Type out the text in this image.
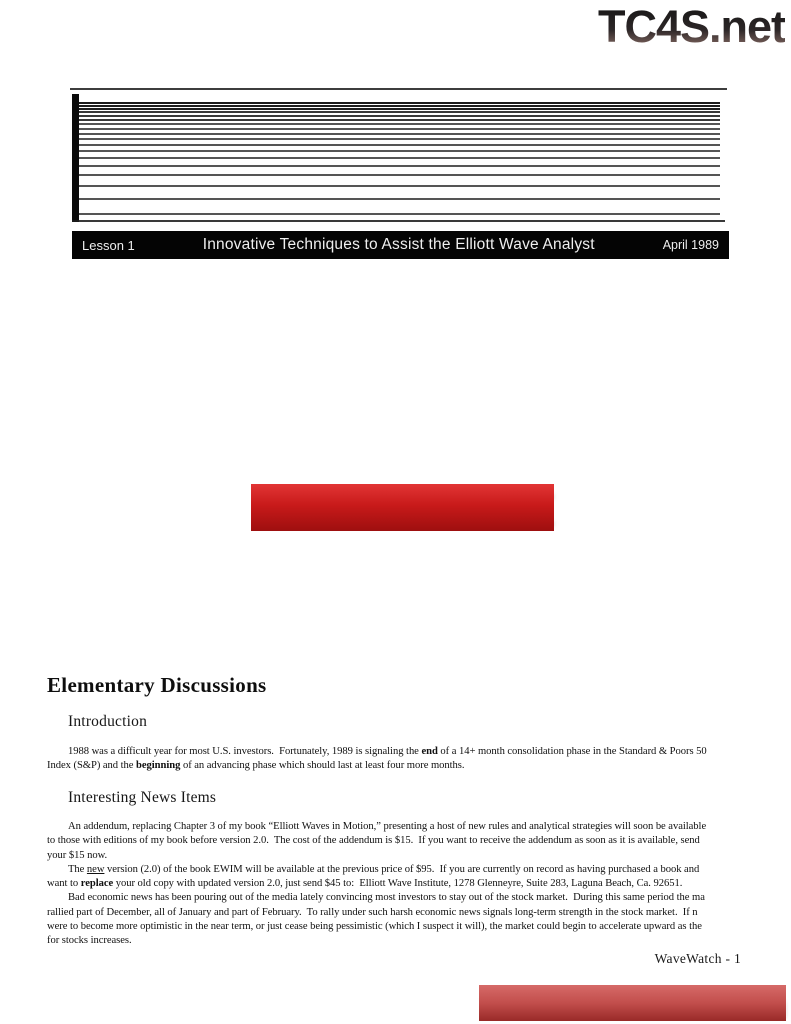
TC4S.net
Lesson 1	Innovative Techniques to Assist the Elliott Wave Analyst	April 1989
DLSUB.COM
Elementary Discussions
Introduction
1988 was a difficult year for most U.S. investors.  Fortunately, 1989 is signaling the end of a 14+ month consolidation phase in the Standard & Poors 50
Index (S&P) and the beginning of an advancing phase which should last at least four more months.
Interesting News Items
An addendum, replacing Chapter 3 of my book “Elliott Waves in Motion,” presenting a host of new rules and analytical strategies will soon be available
to those with editions of my book before version 2.0.  The cost of the addendum is $15.  If you want to receive the addendum as soon as it is available, send
your $15 now.
The new version (2.0) of the book EWIM will be available at the previous price of $95.  If you are currently on record as having purchased a book and
want to replace your old copy with updated version 2.0, just send $45 to:  Elliott Wave Institute, 1278 Glenneyre, Suite 283, Laguna Beach, Ca. 92651.
Bad economic news has been pouring out of the media lately convincing most investors to stay out of the stock market.  During this same period the ma
rallied part of December, all of January and part of February.  To rally under such harsh economic news signals long-term strength in the stock market.  If n
were to become more optimistic in the near term, or just cease being pessimistic (which I suspect it will), the market could begin to accelerate upward as the
for stocks increases.
WaveWatch - 1
TradersXtreme.com
